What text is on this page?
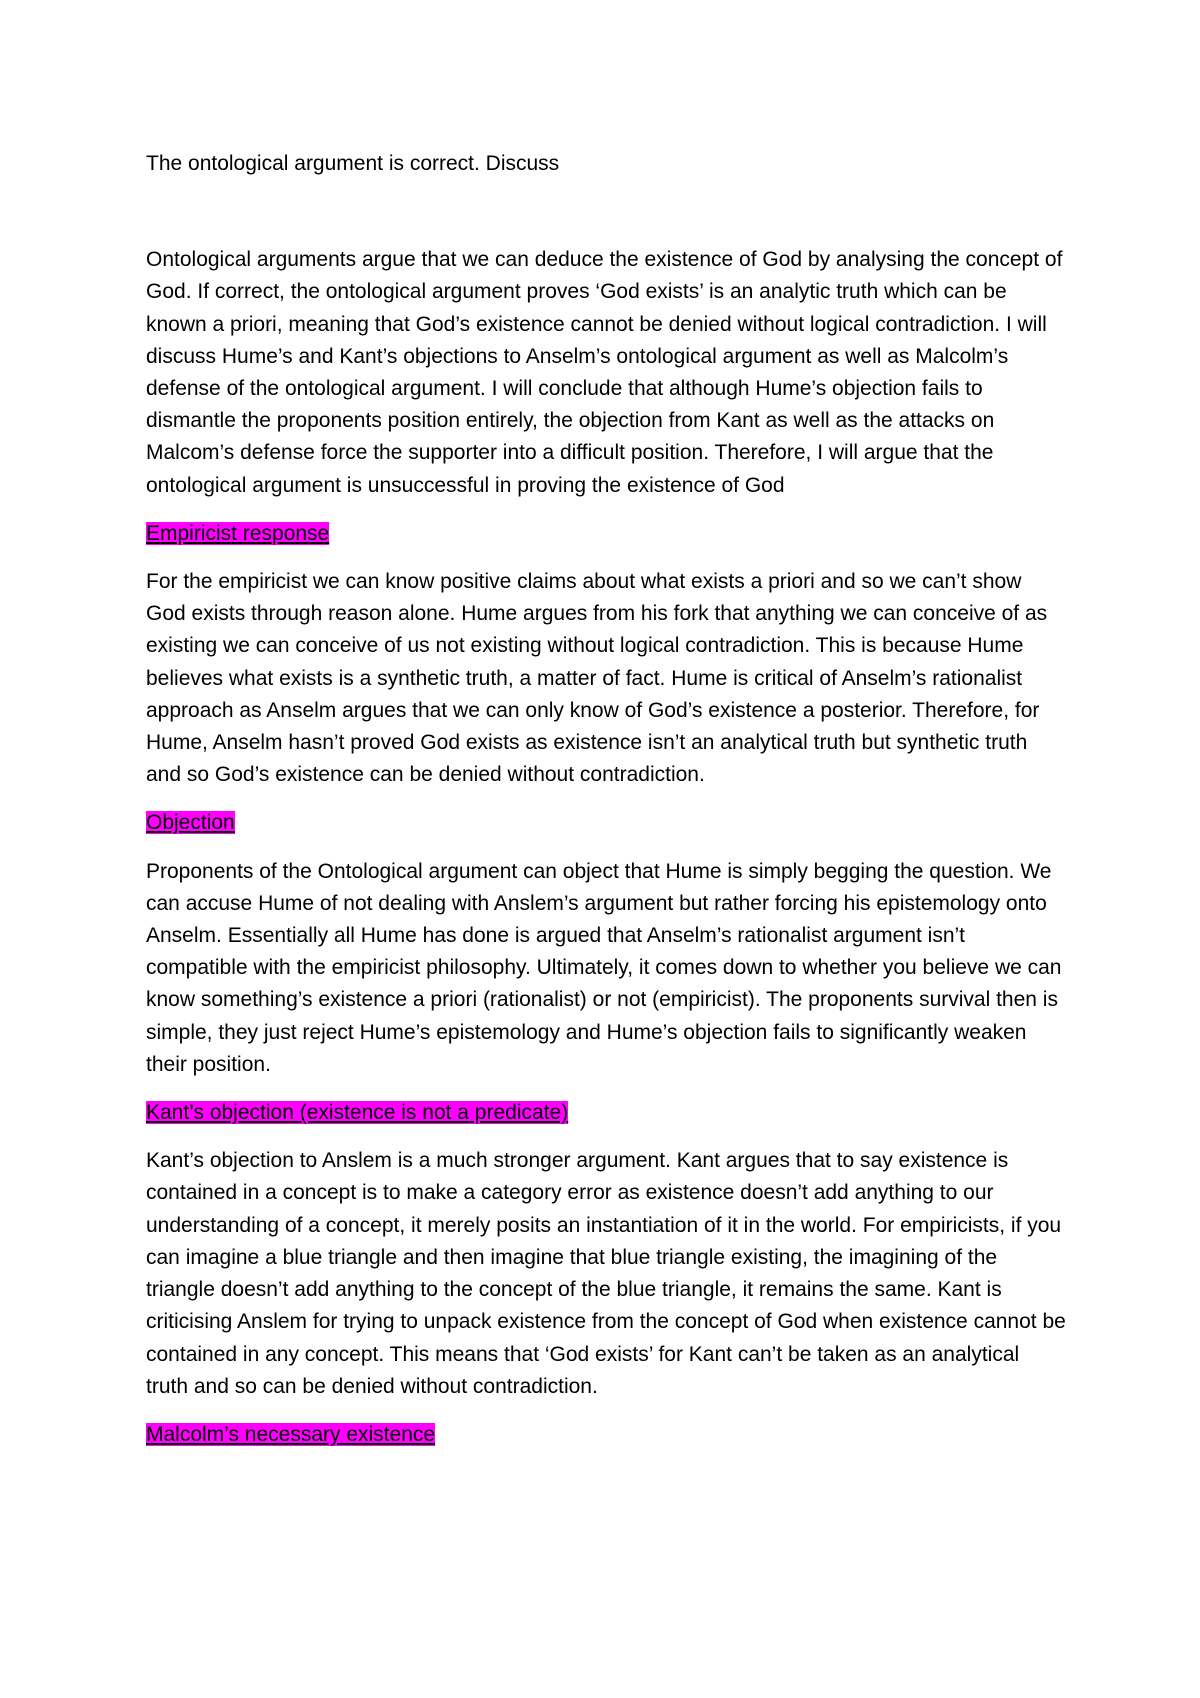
The ontological argument is correct. Discuss

Ontological arguments argue that we can deduce the existence of God by analysing the concept of God. If correct, the ontological argument proves ‘God exists’ is an analytic truth which can be known a priori, meaning that God’s existence cannot be denied without logical contradiction. I will discuss Hume’s and Kant’s objections to Anselm’s ontological argument as well as Malcolm’s defense of the ontological argument. I will conclude that although Hume’s objection fails to dismantle the proponents position entirely, the objection from Kant as well as the attacks on Malcom’s defense force the supporter into a difficult position. Therefore, I will argue that the ontological argument is unsuccessful in proving the existence of God

Empiricist response

For the empiricist we can know positive claims about what exists a priori and so we can’t show God exists through reason alone. Hume argues from his fork that anything we can conceive of as existing we can conceive of us not existing without logical contradiction. This is because Hume believes what exists is a synthetic truth, a matter of fact. Hume is critical of Anselm’s rationalist approach as Anselm argues that we can only know of God’s existence a posterior. Therefore, for Hume, Anselm hasn’t proved God exists as existence isn’t an analytical truth but synthetic truth and so God’s existence can be denied without contradiction.

Objection

Proponents of the Ontological argument can object that Hume is simply begging the question. We can accuse Hume of not dealing with Anslem’s argument but rather forcing his epistemology onto Anselm. Essentially all Hume has done is argued that Anselm’s rationalist argument isn’t compatible with the empiricist philosophy. Ultimately, it comes down to whether you believe we can know something’s existence a priori (rationalist) or not (empiricist). The proponents survival then is simple, they just reject Hume’s epistemology and Hume’s objection fails to significantly weaken their position.

Kant’s objection (existence is not a predicate)

Kant’s objection to Anslem is a much stronger argument. Kant argues that to say existence is contained in a concept is to make a category error as existence doesn’t add anything to our understanding of a concept, it merely posits an instantiation of it in the world. For empiricists, if you can imagine a blue triangle and then imagine that blue triangle existing, the imagining of the triangle doesn’t add anything to the concept of the blue triangle, it remains the same. Kant is criticising Anslem for trying to unpack existence from the concept of God when existence cannot be contained in any concept. This means that ‘God exists’ for Kant can’t be taken as an analytical truth and so can be denied without contradiction.

Malcolm’s necessary existence
